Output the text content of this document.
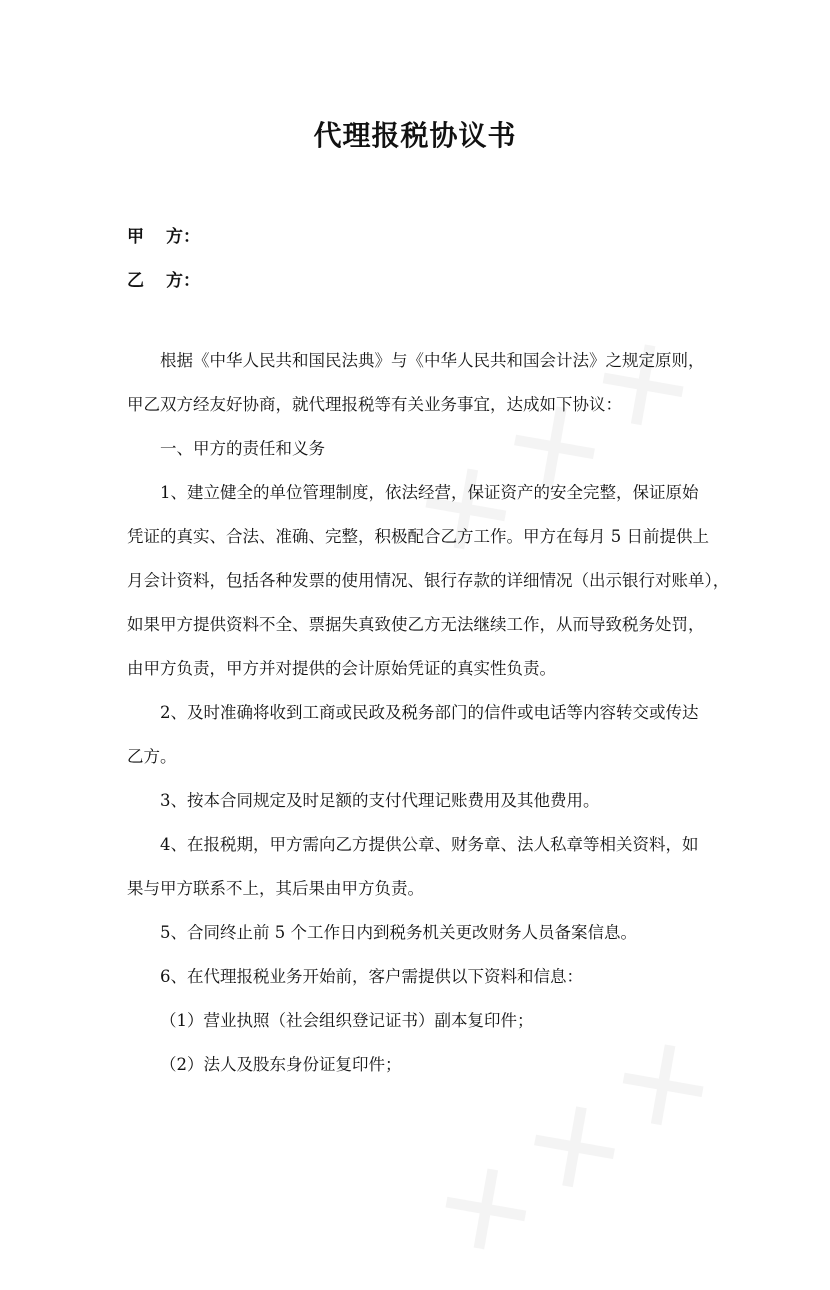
代理报税协议书
甲 方：
乙 方：
根据《中华人民共和国民法典》与《中华人民共和国会计法》之规定原则，
甲乙双方经友好协商，就代理报税等有关业务事宜，达成如下协议：
一、甲方的责任和义务
1、建立健全的单位管理制度，依法经营，保证资产的安全完整，保证原始
凭证的真实、合法、准确、完整，积极配合乙方工作。甲方在每月 5 日前提供上
月会计资料，包括各种发票的使用情况、银行存款的详细情况（出示银行对账单），
如果甲方提供资料不全、票据失真致使乙方无法继续工作，从而导致税务处罚，
由甲方负责，甲方并对提供的会计原始凭证的真实性负责。
2、及时准确将收到工商或民政及税务部门的信件或电话等内容转交或传达
乙方。
3、按本合同规定及时足额的支付代理记账费用及其他费用。
4、在报税期，甲方需向乙方提供公章、财务章、法人私章等相关资料，如
果与甲方联系不上，其后果由甲方负责。
5、合同终止前 5 个工作日内到税务机关更改财务人员备案信息。
6、在代理报税业务开始前，客户需提供以下资料和信息：
（1）营业执照（社会组织登记证书）副本复印件；
（2）法人及股东身份证复印件；
